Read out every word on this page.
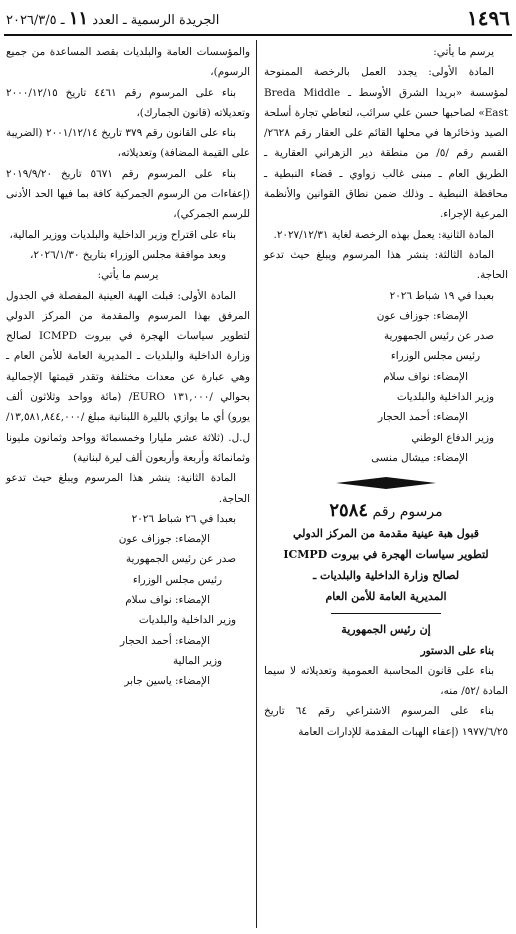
١٤٩٦
الجريدة الرسمية ـ العدد ١١ ـ ٢٠٢٦/٣/٥

يرسم ما يأتي:

المادة الأولى: يجدد العمل بالرخصة الممنوحة لمؤسسة «بريدا الشرق الأوسط ـ Breda Middle East» لصاحبها حسن علي سرائب، لتعاطي تجارة أسلحة الصيد وذخائرها في محلها القائم على العقار رقم ٢٦٢٨/ القسم رقم /٥/ من منطقة دير الزهراني العقارية ـ الطريق العام ـ مبنى غالب زواوي ـ قضاء النبطية ـ محافظة النبطية ـ وذلك ضمن نطاق القوانين والأنظمة المرعية الإجراء.

المادة الثانية: يعمل بهذه الرخصة لغاية ٢٠٢٧/١٢/٣١.

المادة الثالثة: ينشر هذا المرسوم ويبلغ حيث تدعو الحاجة.

بعبدا في ١٩ شباط ٢٠٢٦

الإمضاء: جوزاف عون

صدر عن رئيس الجمهورية

رئيس مجلس الوزراء

الإمضاء: نواف سلام

وزير الداخلية والبلديات

الإمضاء: أحمد الحجار

وزير الدفاع الوطني

الإمضاء: ميشال منسى

مرسوم رقم ٢٥٨٤
قبول هبة عينية مقدمة من المركز الدولي
لتطوير سياسات الهجرة في بيروت ICMPD
لصالح وزارة الداخلية والبلديات ـ
المديرية العامة للأمن العام

إن رئيس الجمهورية

بناء على الدستور

بناء على قانون المحاسبة العمومية وتعديلاته لا سيما المادة /٥٢/ منه،

بناء على المرسوم الاشتراعي رقم ٦٤ تاريخ ١٩٧٧/٦/٢٥ (إعفاء الهبات المقدمة للإدارات العامة

والمؤسسات العامة والبلديات بقصد المساعدة من جميع الرسوم)،

بناء على المرسوم رقم ٤٤٦١ تاريخ ٢٠٠٠/١٢/١٥ وتعديلاته (قانون الجمارك)،

بناء على القانون رقم ٣٧٩ تاريخ ٢٠٠١/١٢/١٤ (الضريبة على القيمة المضافة) وتعديلاته،

بناء على المرسوم رقم ٥٦٧١ تاريخ ٢٠١٩/٩/٢٠ (إعفاءات من الرسوم الجمركية كافة بما فيها الحد الأدنى للرسم الجمركي)،

بناء على اقتراح وزير الداخلية والبلديات ووزير المالية،

وبعد موافقة مجلس الوزراء بتاريخ ٢٠٢٦/١/٣٠،

يرسم ما يأتي:

المادة الأولى: قبلت الهبة العينية المفصلة في الجدول المرفق بهذا المرسوم والمقدمة من المركز الدولي لتطوير سياسات الهجرة في بيروت ICMPD لصالح وزارة الداخلية والبلديات ـ المديرية العامة للأمن العام ـ وهي عبارة عن معدات مختلفة وتقدر قيمتها الإجمالية بحوالي /١٣١,٠٠٠ EURO/ (مائة وواحد وثلاثون ألف يورو) أي ما يوازي بالليرة اللبنانية مبلغ /١٣,٥٨١,٨٤٤,٠٠٠/ل.ل. (ثلاثة عشر مليارا وخمسمائة وواحد وثمانون مليونا وثمانمائة وأربعة وأربعون ألف ليرة لبنانية)

المادة الثانية: ينشر هذا المرسوم ويبلغ حيث تدعو الحاجة.

بعبدا في ٢٦ شباط ٢٠٢٦

الإمضاء: جوزاف عون

صدر عن رئيس الجمهورية

رئيس مجلس الوزراء

الإمضاء: نواف سلام

وزير الداخلية والبلديات

الإمضاء: أحمد الحجار

وزير المالية

الإمضاء: ياسين جابر
